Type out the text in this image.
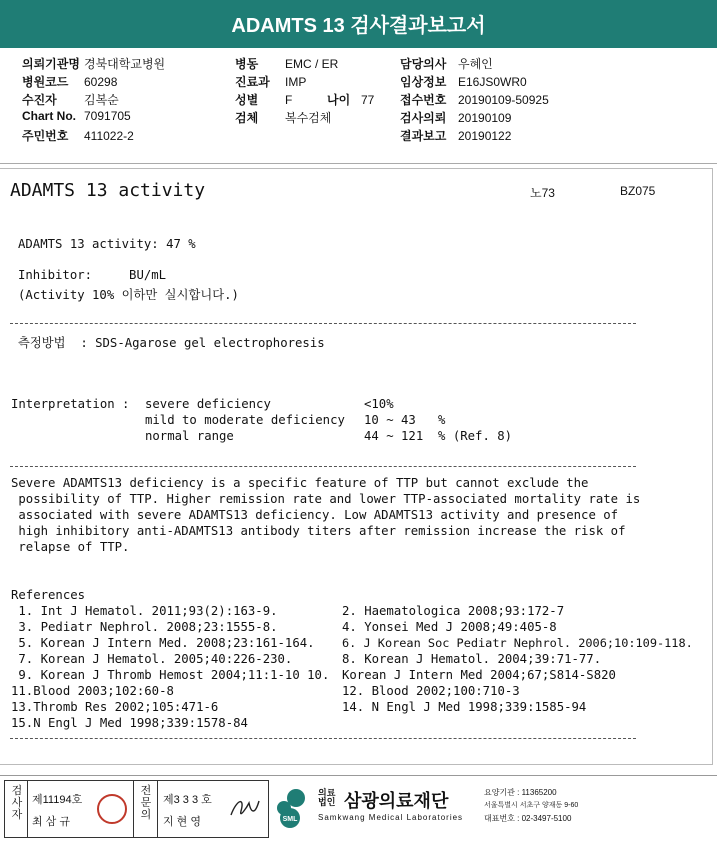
ADAMTS 13 검사결과보고서
의뢰기관명 경북대학교병원
병원코드 60298
수진자 김복순
Chart No. 7091705
주민번호 411022-2
병동 EMC / ER
진료과 IMP
성별 F	나이 77
검체 복수검체
담당의사 우혜인
임상정보 E16JS0WR0
접수번호 20190109-50925
검사의뢰 20190109
결과보고 20190122
ADAMTS 13 activity	노73	BZ075
ADAMTS 13 activity: 47 %
Inhibitor:     BU/mL
(Activity 10% 이하만 실시합니다.)
측정방법  : SDS-Agarose gel electrophoresis
Interpretation : severe deficiency	<10%
mild to moderate deficiency 10 ~ 43   %
normal range	44 ~ 121  % (Ref. 8)
Severe ADAMTS13 deficiency is a specific feature of TTP but cannot exclude the
possibility of TTP. Higher remission rate and lower TTP-associated mortality rate is
associated with severe ADAMTS13 deficiency. Low ADAMTS13 activity and presence of
high inhibitory anti-ADAMTS13 antibody titers after remission increase the risk of
relapse of TTP.
References
1. Int J Hematol. 2011;93(2):163-9.	2. Haematologica 2008;93:172-7
3. Pediatr Nephrol. 2008;23:1555-8.	4. Yonsei Med J 2008;49:405-8
5. Korean J Intern Med. 2008;23:161-164. 6. J Korean Soc Pediatr Nephrol. 2006;10:109-118.
7. Korean J Hematol. 2005;40:226-230.	8. Korean J Hematol. 2004;39:71-77.
9. Korean J Thromb Hemost 2004;11:1-10 10. Korean J Intern Med 2004;67;S814-S820
11.Blood 2003;102:60-8	12. Blood 2002;100:710-3
13.Thromb Res 2002;105:471-6	14. N Engl J Med 1998;339:1585-94
15.N Engl J Med 1998;339:1578-84
검사자
제11194호
최 삼 규
전문의
제3 3 3 호
지 현 영	SML
의료법인 삼광의료재단
Samkwang Medical Laboratories
요양기관 : 11365200
서울특별시 서초구 양재동 9-60
대표번호 : 02-3497-5100
